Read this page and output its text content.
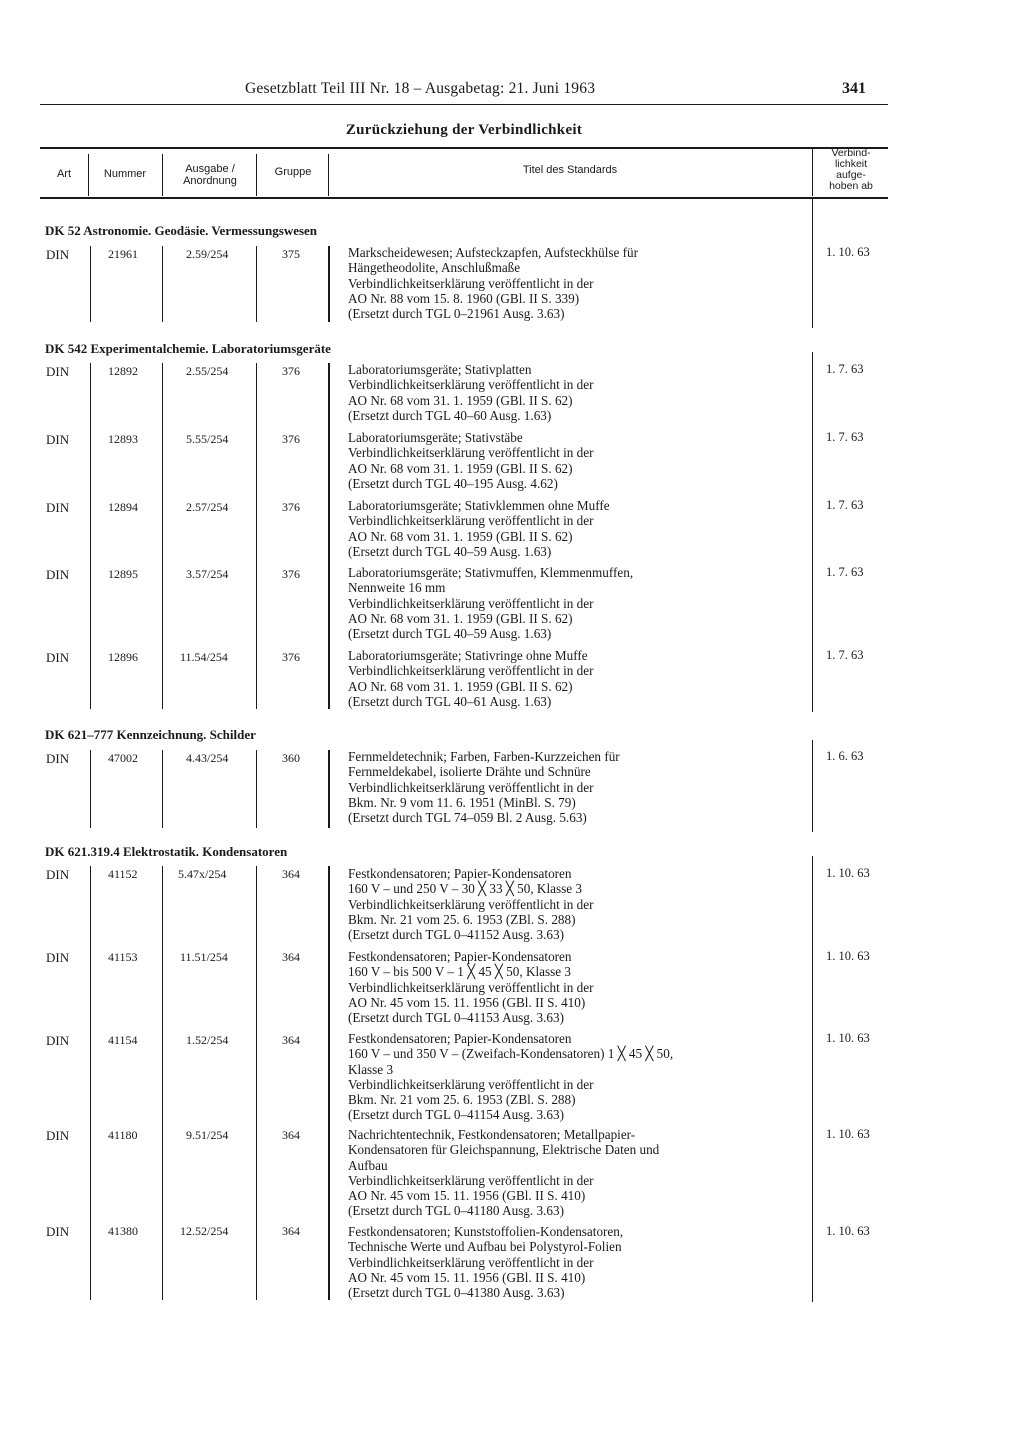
Gesetzblatt Teil III Nr. 18 – Ausgabetag: 21. Juni 1963	341
Zurückziehung der Verbindlichkeit
Art	Nummer	Ausgabe /
Anordnung
Gruppe	Titel des Standards
Verbind-
lichkeit
aufge-
hoben ab
DK 52 Astronomie. Geodäsie. Vermessungswesen
DIN	21961	2.59/254	375	Markscheidewesen; Aufsteckzapfen, Aufsteckhülse für
Hängetheodolite, Anschlußmaße
Verbindlichkeitserklärung veröffentlicht in der
AO Nr. 88 vom 15. 8. 1960 (GBl. II S. 339)
(Ersetzt durch TGL 0–21961 Ausg. 3.63)
1. 10. 63
DK 542 Experimentalchemie. Laboratoriumsgeräte
DIN	12892	2.55/254	376	Laboratoriumsgeräte; Stativplatten
Verbindlichkeitserklärung veröffentlicht in der
AO Nr. 68 vom 31. 1. 1959 (GBl. II S. 62)
(Ersetzt durch TGL 40–60 Ausg. 1.63)
1. 7. 63
DIN	12893	5.55/254	376	Laboratoriumsgeräte; Stativstäbe
Verbindlichkeitserklärung veröffentlicht in der
AO Nr. 68 vom 31. 1. 1959 (GBl. II S. 62)
(Ersetzt durch TGL 40–195 Ausg. 4.62)
1. 7. 63
DIN	12894	2.57/254	376	Laboratoriumsgeräte; Stativklemmen ohne Muffe
Verbindlichkeitserklärung veröffentlicht in der
AO Nr. 68 vom 31. 1. 1959 (GBl. II S. 62)
(Ersetzt durch TGL 40–59 Ausg. 1.63)
1. 7. 63
DIN	12895	3.57/254	376	Laboratoriumsgeräte; Stativmuffen, Klemmenmuffen,
Nennweite 16 mm
Verbindlichkeitserklärung veröffentlicht in der
AO Nr. 68 vom 31. 1. 1959 (GBl. II S. 62)
(Ersetzt durch TGL 40–59 Ausg. 1.63)
1. 7. 63
DIN	12896	11.54/254	376	Laboratoriumsgeräte; Stativringe ohne Muffe
Verbindlichkeitserklärung veröffentlicht in der
AO Nr. 68 vom 31. 1. 1959 (GBl. II S. 62)
(Ersetzt durch TGL 40–61 Ausg. 1.63)
1. 7. 63
DK 621–777 Kennzeichnung. Schilder
DIN	47002	4.43/254	360	Fernmeldetechnik; Farben, Farben-Kurzzeichen für
Fernmeldekabel, isolierte Drähte und Schnüre
Verbindlichkeitserklärung veröffentlicht in der
Bkm. Nr. 9 vom 11. 6. 1951 (MinBl. S. 79)
(Ersetzt durch TGL 74–059 Bl. 2 Ausg. 5.63)
1. 6. 63
DK 621.319.4 Elektrostatik. Kondensatoren
DIN	41152	5.47x/254	364	Festkondensatoren; Papier-Kondensatoren
160 V – und 250 V – 30 ╳ 33 ╳ 50, Klasse 3
Verbindlichkeitserklärung veröffentlicht in der
Bkm. Nr. 21 vom 25. 6. 1953 (ZBl. S. 288)
(Ersetzt durch TGL 0–41152 Ausg. 3.63)
1. 10. 63
DIN	41153	11.51/254	364	Festkondensatoren; Papier-Kondensatoren
160 V – bis 500 V – 1 ╳ 45 ╳ 50, Klasse 3
Verbindlichkeitserklärung veröffentlicht in der
AO Nr. 45 vom 15. 11. 1956 (GBl. II S. 410)
(Ersetzt durch TGL 0–41153 Ausg. 3.63)
1. 10. 63
DIN	41154	1.52/254	364	Festkondensatoren; Papier-Kondensatoren
160 V – und 350 V – (Zweifach-Kondensatoren) 1 ╳ 45 ╳ 50,
Klasse 3
Verbindlichkeitserklärung veröffentlicht in der
Bkm. Nr. 21 vom 25. 6. 1953 (ZBl. S. 288)
(Ersetzt durch TGL 0–41154 Ausg. 3.63)
1. 10. 63
DIN	41180	9.51/254	364	Nachrichtentechnik, Festkondensatoren; Metallpapier-
Kondensatoren für Gleichspannung, Elektrische Daten und
Aufbau
Verbindlichkeitserklärung veröffentlicht in der
AO Nr. 45 vom 15. 11. 1956 (GBl. II S. 410)
(Ersetzt durch TGL 0–41180 Ausg. 3.63)
1. 10. 63
DIN	41380	12.52/254	364	Festkondensatoren; Kunststoffolien-Kondensatoren,
Technische Werte und Aufbau bei Polystyrol-Folien
Verbindlichkeitserklärung veröffentlicht in der
AO Nr. 45 vom 15. 11. 1956 (GBl. II S. 410)
(Ersetzt durch TGL 0–41380 Ausg. 3.63)
1. 10. 63
